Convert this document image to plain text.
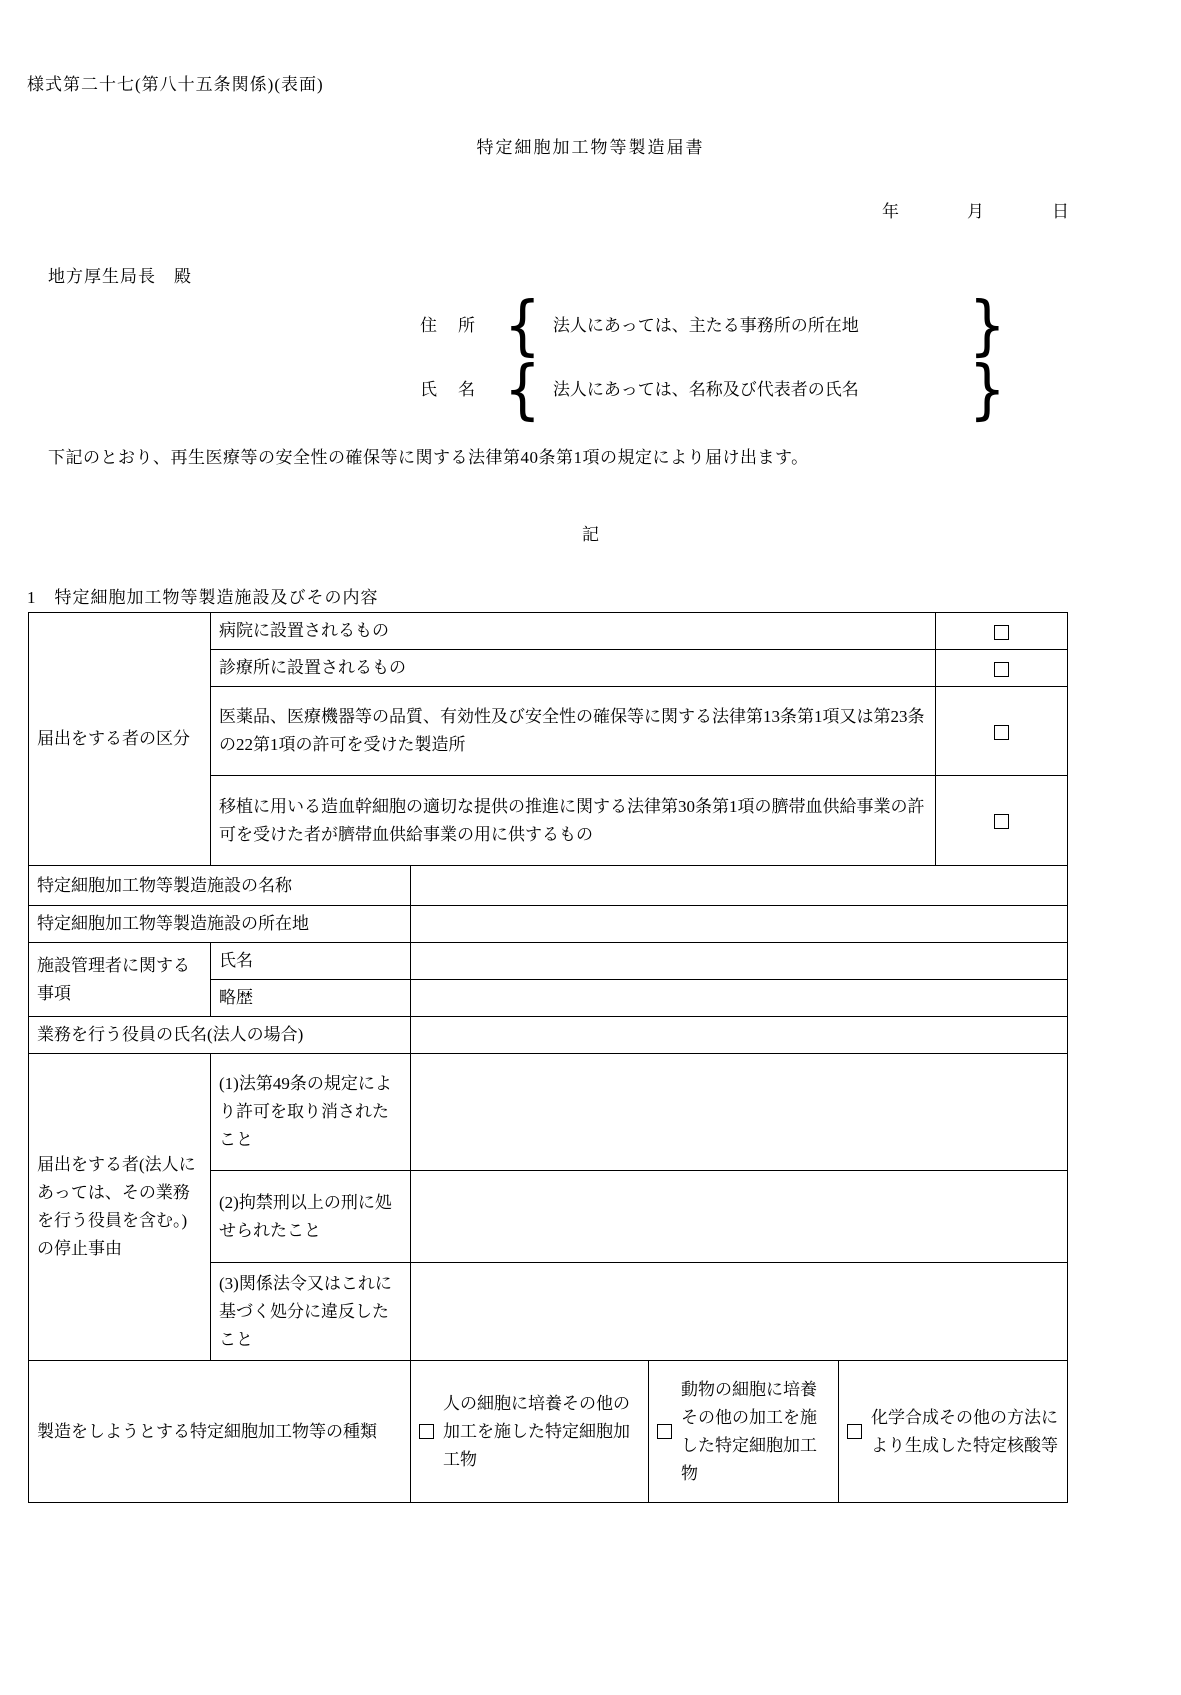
様式第二十七(第八十五条関係)(表面)
特定細胞加工物等製造届書
年	月	日
地方厚生局長　殿
住　所 { 法人にあっては、主たる事務所の所在地	}
氏　名 { 法人にあっては、名称及び代表者の氏名	}
下記のとおり、再生医療等の安全性の確保等に関する法律第40条第1項の規定により届け出ます。
記
1　特定細胞加工物等製造施設及びその内容
届出をする者の区分	病院に設置されるもの				
	診療所に設置されるもの				
	医薬品、医療機器等の品質、有効性及び安全性の確保等に関する法律第13条第1項又は第23条の22第1項の許可を受けた製造所				
	移植に用いる造血幹細胞の適切な提供の推進に関する法律第30条第1項の臍帯血供給事業の許可を受けた者が臍帯血供給事業の用に供するもの				
特定細胞加工物等製造施設の名称					
特定細胞加工物等製造施設の所在地					
施設管理者に関する事項	氏名				
	略歴				
業務を行う役員の氏名(法人の場合)					
届出をする者(法人にあっては、その業務を行う役員を含む。)の停止事由	(1)法第49条の規定により許可を取り消されたこと				
	(2)拘禁刑以上の刑に処せられたこと				
	(3)関係法令又はこれに基づく処分に違反したこと				
製造をしようとする特定細胞加工物等の種類		人の細胞に培養その他の加工を施した特定細胞加工物	動物の細胞に培養その他の加工を施した特定細胞加工物	化学合成その他の方法により生成した特定核酸等	
